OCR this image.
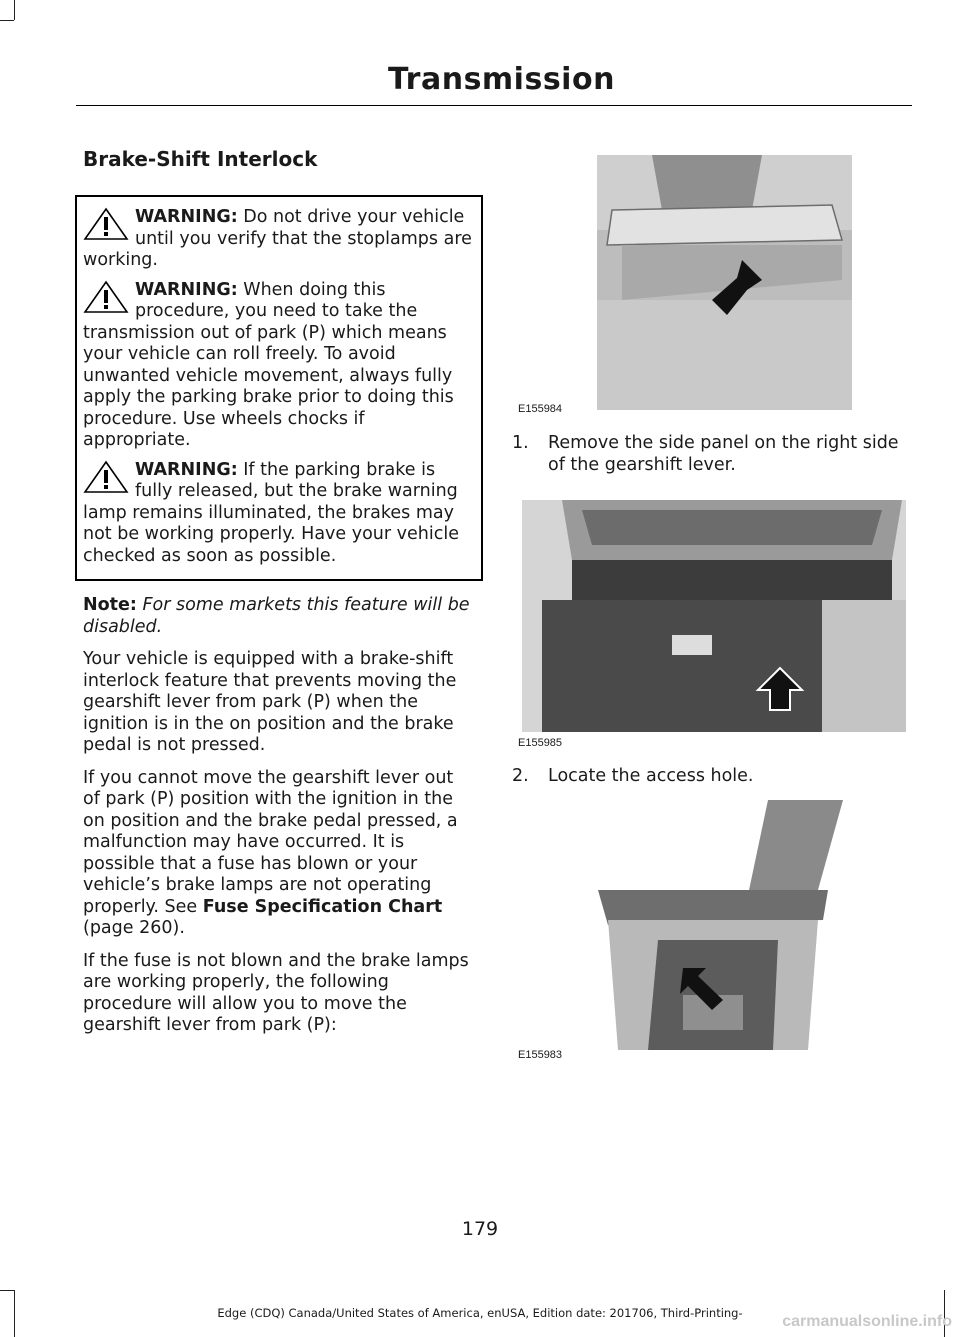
Transmission
Brake-Shift Interlock
WARNING: Do not drive your vehicle until you verify that the stoplamps are working.
WARNING: When doing this procedure, you need to take the transmission out of park (P) which means your vehicle can roll freely. To avoid unwanted vehicle movement, always fully apply the parking brake prior to doing this procedure. Use wheels chocks if appropriate.
WARNING: If the parking brake is fully released, but the brake warning lamp remains illuminated, the brakes may not be working properly. Have your vehicle checked as soon as possible.

Note: For some markets this feature will be disabled.

Your vehicle is equipped with a brake-shift interlock feature that prevents moving the gearshift lever from park (P) when the ignition is in the on position and the brake pedal is not pressed.

If you cannot move the gearshift lever out of park (P) position with the ignition in the on position and the brake pedal pressed, a malfunction may have occurred. It is possible that a fuse has blown or your vehicle’s brake lamps are not operating properly. See Fuse Specification Chart (page 260).

If the fuse is not blown and the brake lamps are working properly, the following procedure will allow you to move the gearshift lever from park (P):

E155984
1.	Remove the side panel on the right side of the gearshift lever.
E155985
2.	Locate the access hole.
E155983
179
Edge (CDQ) Canada/United States of America, enUSA, Edition date: 201706, Third-Printing-	carmanualsonline.info
